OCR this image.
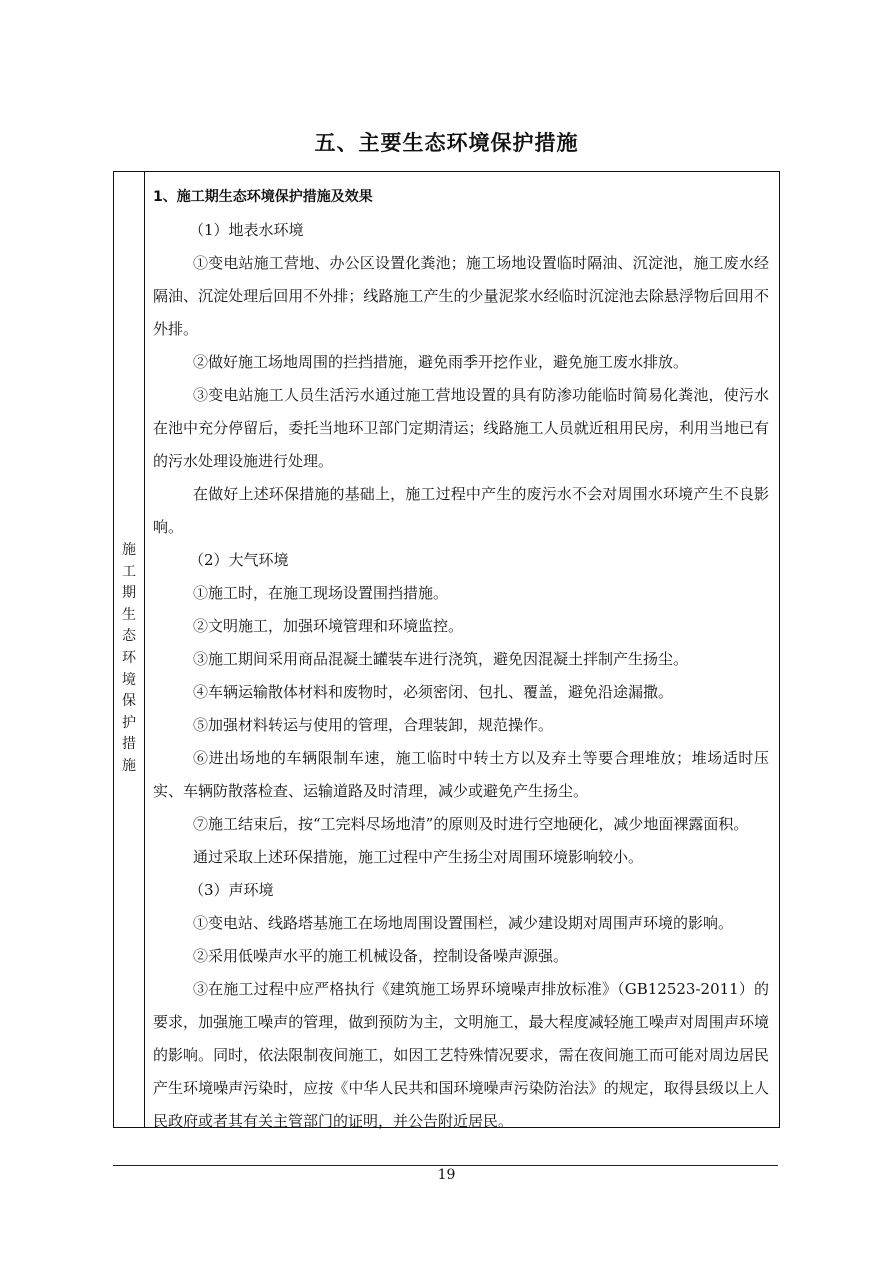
五、主要生态环境保护措施
施工期生态环境保护措施

1、施工期生态环境保护措施及效果

（1）地表水环境

①变电站施工营地、办公区设置化粪池；施工场地设置临时隔油、沉淀池，施工废水经隔油、沉淀处理后回用不外排；线路施工产生的少量泥浆水经临时沉淀池去除悬浮物后回用不外排。

②做好施工场地周围的拦挡措施，避免雨季开挖作业，避免施工废水排放。

③变电站施工人员生活污水通过施工营地设置的具有防渗功能临时简易化粪池，使污水在池中充分停留后，委托当地环卫部门定期清运；线路施工人员就近租用民房，利用当地已有的污水处理设施进行处理。

在做好上述环保措施的基础上，施工过程中产生的废污水不会对周围水环境产生不良影响。

（2）大气环境

①施工时，在施工现场设置围挡措施。

②文明施工，加强环境管理和环境监控。

③施工期间采用商品混凝土罐装车进行浇筑，避免因混凝土拌制产生扬尘。

④车辆运输散体材料和废物时，必须密闭、包扎、覆盖，避免沿途漏撒。

⑤加强材料转运与使用的管理，合理装卸，规范操作。

⑥进出场地的车辆限制车速，施工临时中转土方以及弃土等要合理堆放；堆场适时压实、车辆防散落检查、运输道路及时清理，减少或避免产生扬尘。

⑦施工结束后，按“工完料尽场地清”的原则及时进行空地硬化，减少地面裸露面积。

通过采取上述环保措施，施工过程中产生扬尘对周围环境影响较小。

（3）声环境

①变电站、线路塔基施工在场地周围设置围栏，减少建设期对周围声环境的影响。

②采用低噪声水平的施工机械设备，控制设备噪声源强。

③在施工过程中应严格执行《建筑施工场界环境噪声排放标准》（GB12523-2011）的要求，加强施工噪声的管理，做到预防为主，文明施工，最大程度减轻施工噪声对周围声环境的影响。同时，依法限制夜间施工，如因工艺特殊情况要求，需在夜间施工而可能对周边居民产生环境噪声污染时，应按《中华人民共和国环境噪声污染防治法》的规定，取得县级以上人民政府或者其有关主管部门的证明，并公告附近居民。

19
